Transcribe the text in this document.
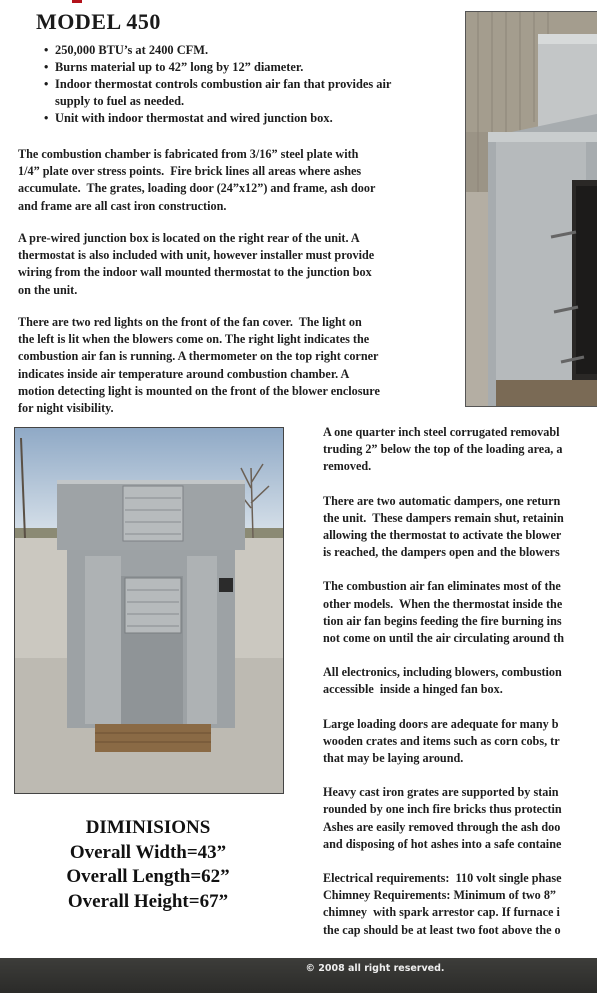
MODEL 450
• 250,000 BTU’s at 2400 CFM.
• Burns material up to 42” long by 12” diameter.
• Indoor thermostat controls combustion air fan that provides air
supply to fuel as needed.
• Unit with indoor thermostat and wired junction box.
The combustion chamber is fabricated from 3/16” steel plate with
1/4” plate over stress points.  Fire brick lines all areas where ashes
accumulate.  The grates, loading door (24”x12”) and frame, ash door
and frame are all cast iron construction.
A pre-wired junction box is located on the right rear of the unit. A
thermostat is also included with unit, however installer must provide
wiring from the indoor wall mounted thermostat to the junction box
on the unit.
There are two red lights on the front of the fan cover.  The light on
the left is lit when the blowers come on. The right light indicates the
combustion air fan is running. A thermometer on the top right corner
indicates inside air temperature around combustion chamber. A
motion detecting light is mounted on the front of the blower enclosure
for night visibility.
DIMINISIONS
Overall Width=43”
Overall Length=62”
Overall Height=67”
A one quarter inch steel corrugated removabl
truding 2” below the top of the loading area, a
removed.
There are two automatic dampers, one return
the unit.  These dampers remain shut, retainin
allowing the thermostat to activate the blower
is reached, the dampers open and the blowers
The combustion air fan eliminates most of the
other models.  When the thermostat inside the
tion air fan begins feeding the fire burning ins
not come on until the air circulating around th
All electronics, including blowers, combustion
accessible  inside a hinged fan box.
Large loading doors are adequate for many b
wooden crates and items such as corn cobs, tr
that may be laying around.
Heavy cast iron grates are supported by stain
rounded by one inch fire bricks thus protectin
Ashes are easily removed through the ash doo
and disposing of hot ashes into a safe containe
Electrical requirements:  110 volt single phase
Chimney Requirements: Minimum of two 8”
chimney  with spark arrestor cap. If furnace i
the cap should be at least two foot above the o
© 2008 all right reserved.
